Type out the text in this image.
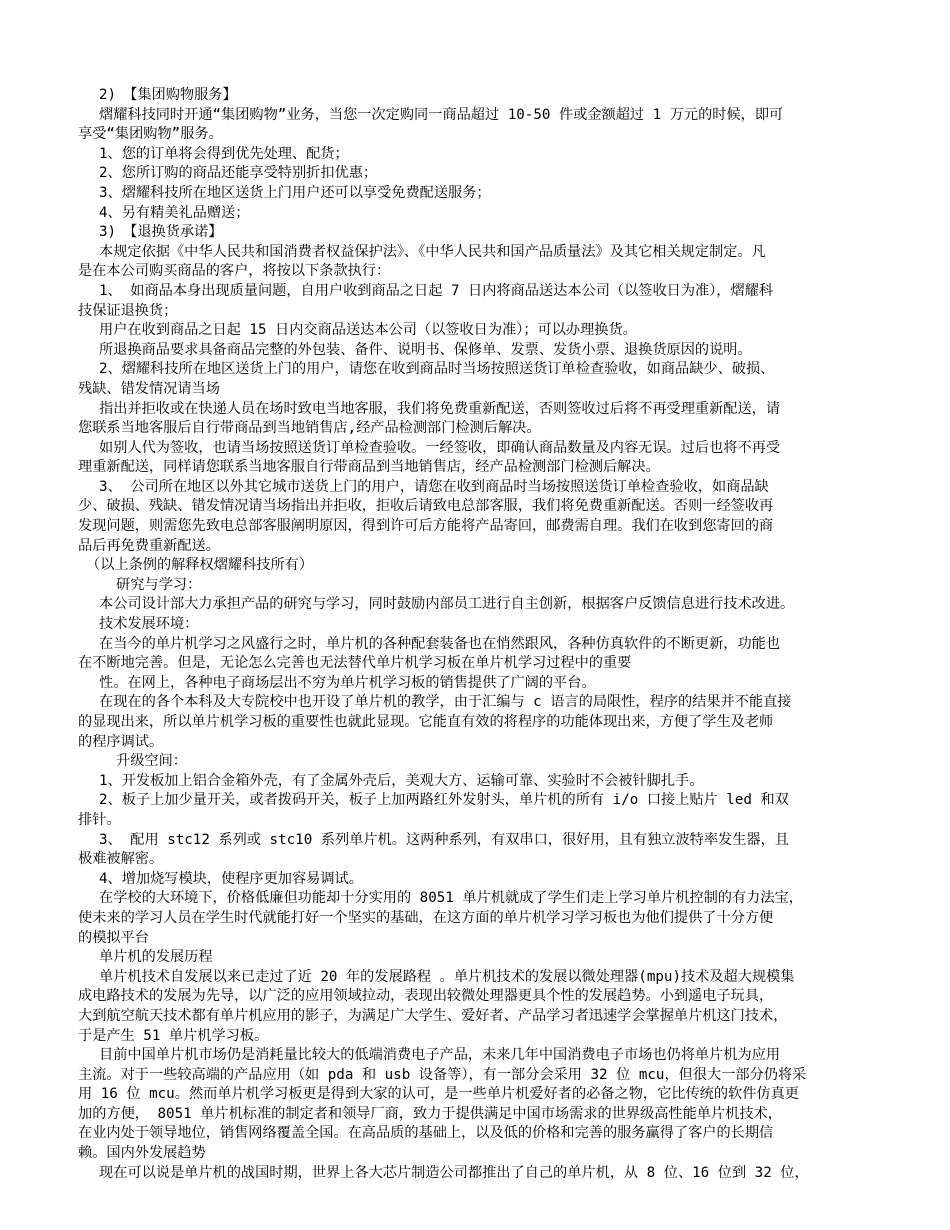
2)　【集团购物服务】
熠耀科技同时开通“集团购物”业务，当您一次定购同一商品超过 10-50 件或金额超过 1 万元的时候，即可
享受“集团购物”服务。
1、您的订单将会得到优先处理、配货；
2、您所订购的商品还能享受特别折扣优惠；
3、熠耀科技所在地区送货上门用户还可以享受免费配送服务；
4、另有精美礼品赠送；
3)　【退换货承诺】
本规定依据《中华人民共和国消费者权益保护法》、《中华人民共和国产品质量法》及其它相关规定制定。凡
是在本公司购买商品的客户，将按以下条款执行：
1、 如商品本身出现质量问题，自用户收到商品之日起 7 日内将商品送达本公司（以签收日为准），熠耀科
技保证退换货；
用户在收到商品之日起 15 日内交商品送达本公司（以签收日为准）；可以办理换货。
所退换商品要求具备商品完整的外包装、备件、说明书、保修单、发票、发货小票、退换货原因的说明。
2、熠耀科技所在地区送货上门的用户，请您在收到商品时当场按照送货订单检查验收，如商品缺少、破损、
残缺、错发情况请当场
指出并拒收或在快递人员在场时致电当地客服，我们将免费重新配送，否则签收过后将不再受理重新配送，请
您联系当地客服后自行带商品到当地销售店,经产品检测部门检测后解决。
如别人代为签收，也请当场按照送货订单检查验收。一经签收，即确认商品数量及内容无误。过后也将不再受
理重新配送，同样请您联系当地客服自行带商品到当地销售店，经产品检测部门检测后解决。
3、 公司所在地区以外其它城市送货上门的用户，请您在收到商品时当场按照送货订单检查验收，如商品缺
少、破损、残缺、错发情况请当场指出并拒收，拒收后请致电总部客服，我们将免费重新配送。否则一经签收再
发现问题，则需您先致电总部客服阐明原因，得到许可后方能将产品寄回，邮费需自理。我们在收到您寄回的商
品后再免费重新配送。
（以上条例的解释权熠耀科技所有）
研究与学习：
本公司设计部大力承担产品的研究与学习，同时鼓励内部员工进行自主创新，根据客户反馈信息进行技术改进。
技术发展环境：
在当今的单片机学习之风盛行之时，单片机的各种配套装备也在悄然跟风，各种仿真软件的不断更新，功能也
在不断地完善。但是，无论怎么完善也无法替代单片机学习板在单片机学习过程中的重要
性。在网上，各种电子商场层出不穷为单片机学习板的销售提供了广阔的平台。
在现在的各个本科及大专院校中也开设了单片机的教学，由于汇编与 c 语言的局限性，程序的结果并不能直接
的显现出来，所以单片机学习板的重要性也就此显现。它能直有效的将程序的功能体现出来，方便了学生及老师
的程序调试。
升级空间：
1、开发板加上铝合金箱外壳，有了金属外壳后，美观大方、运输可靠、实验时不会被针脚扎手。
2、板子上加少量开关，或者拨码开关，板子上加两路红外发射头，单片机的所有 i/o 口接上贴片 led 和双
排针。
3、 配用 stc12 系列或 stc10 系列单片机。这两种系列，有双串口，很好用，且有独立波特率发生器，且
极难被解密。
4、增加烧写模块，使程序更加容易调试。
在学校的大环境下，价格低廉但功能却十分实用的 8051 单片机就成了学生们走上学习单片机控制的有力法宝，
使未来的学习人员在学生时代就能打好一个坚实的基础，在这方面的单片机学习学习板也为他们提供了十分方便
的模拟平台
单片机的发展历程
单片机技术自发展以来已走过了近 20 年的发展路程 。单片机技术的发展以微处理器(mpu)技术及超大规模集
成电路技术的发展为先导，以广泛的应用领域拉动，表现出较微处理器更具个性的发展趋势。小到遥电子玩具，
大到航空航天技术都有单片机应用的影子，为满足广大学生、爱好者、产品学习者迅速学会掌握单片机这门技术，
于是产生 51 单片机学习板。
目前中国单片机市场仍是消耗量比较大的低端消费电子产品，未来几年中国消费电子市场也仍将单片机为应用
主流。对于一些较高端的产品应用（如 pda 和 usb 设备等），有一部分会采用 32 位 mcu，但很大一部分仍将采
用 16 位 mcu。然而单片机学习板更是得到大家的认可，是一些单片机爱好者的必备之物，它比传统的软件仿真更
加的方便， 8051 单片机标准的制定者和领导厂商，致力于提供满足中国市场需求的世界级高性能单片机技术，
在业内处于领导地位，销售网络覆盖全国。在高品质的基础上，以及低的价格和完善的服务赢得了客户的长期信
赖。国内外发展趋势
现在可以说是单片机的战国时期，世界上各大芯片制造公司都推出了自己的单片机，从 8 位、16 位到 32 位，
